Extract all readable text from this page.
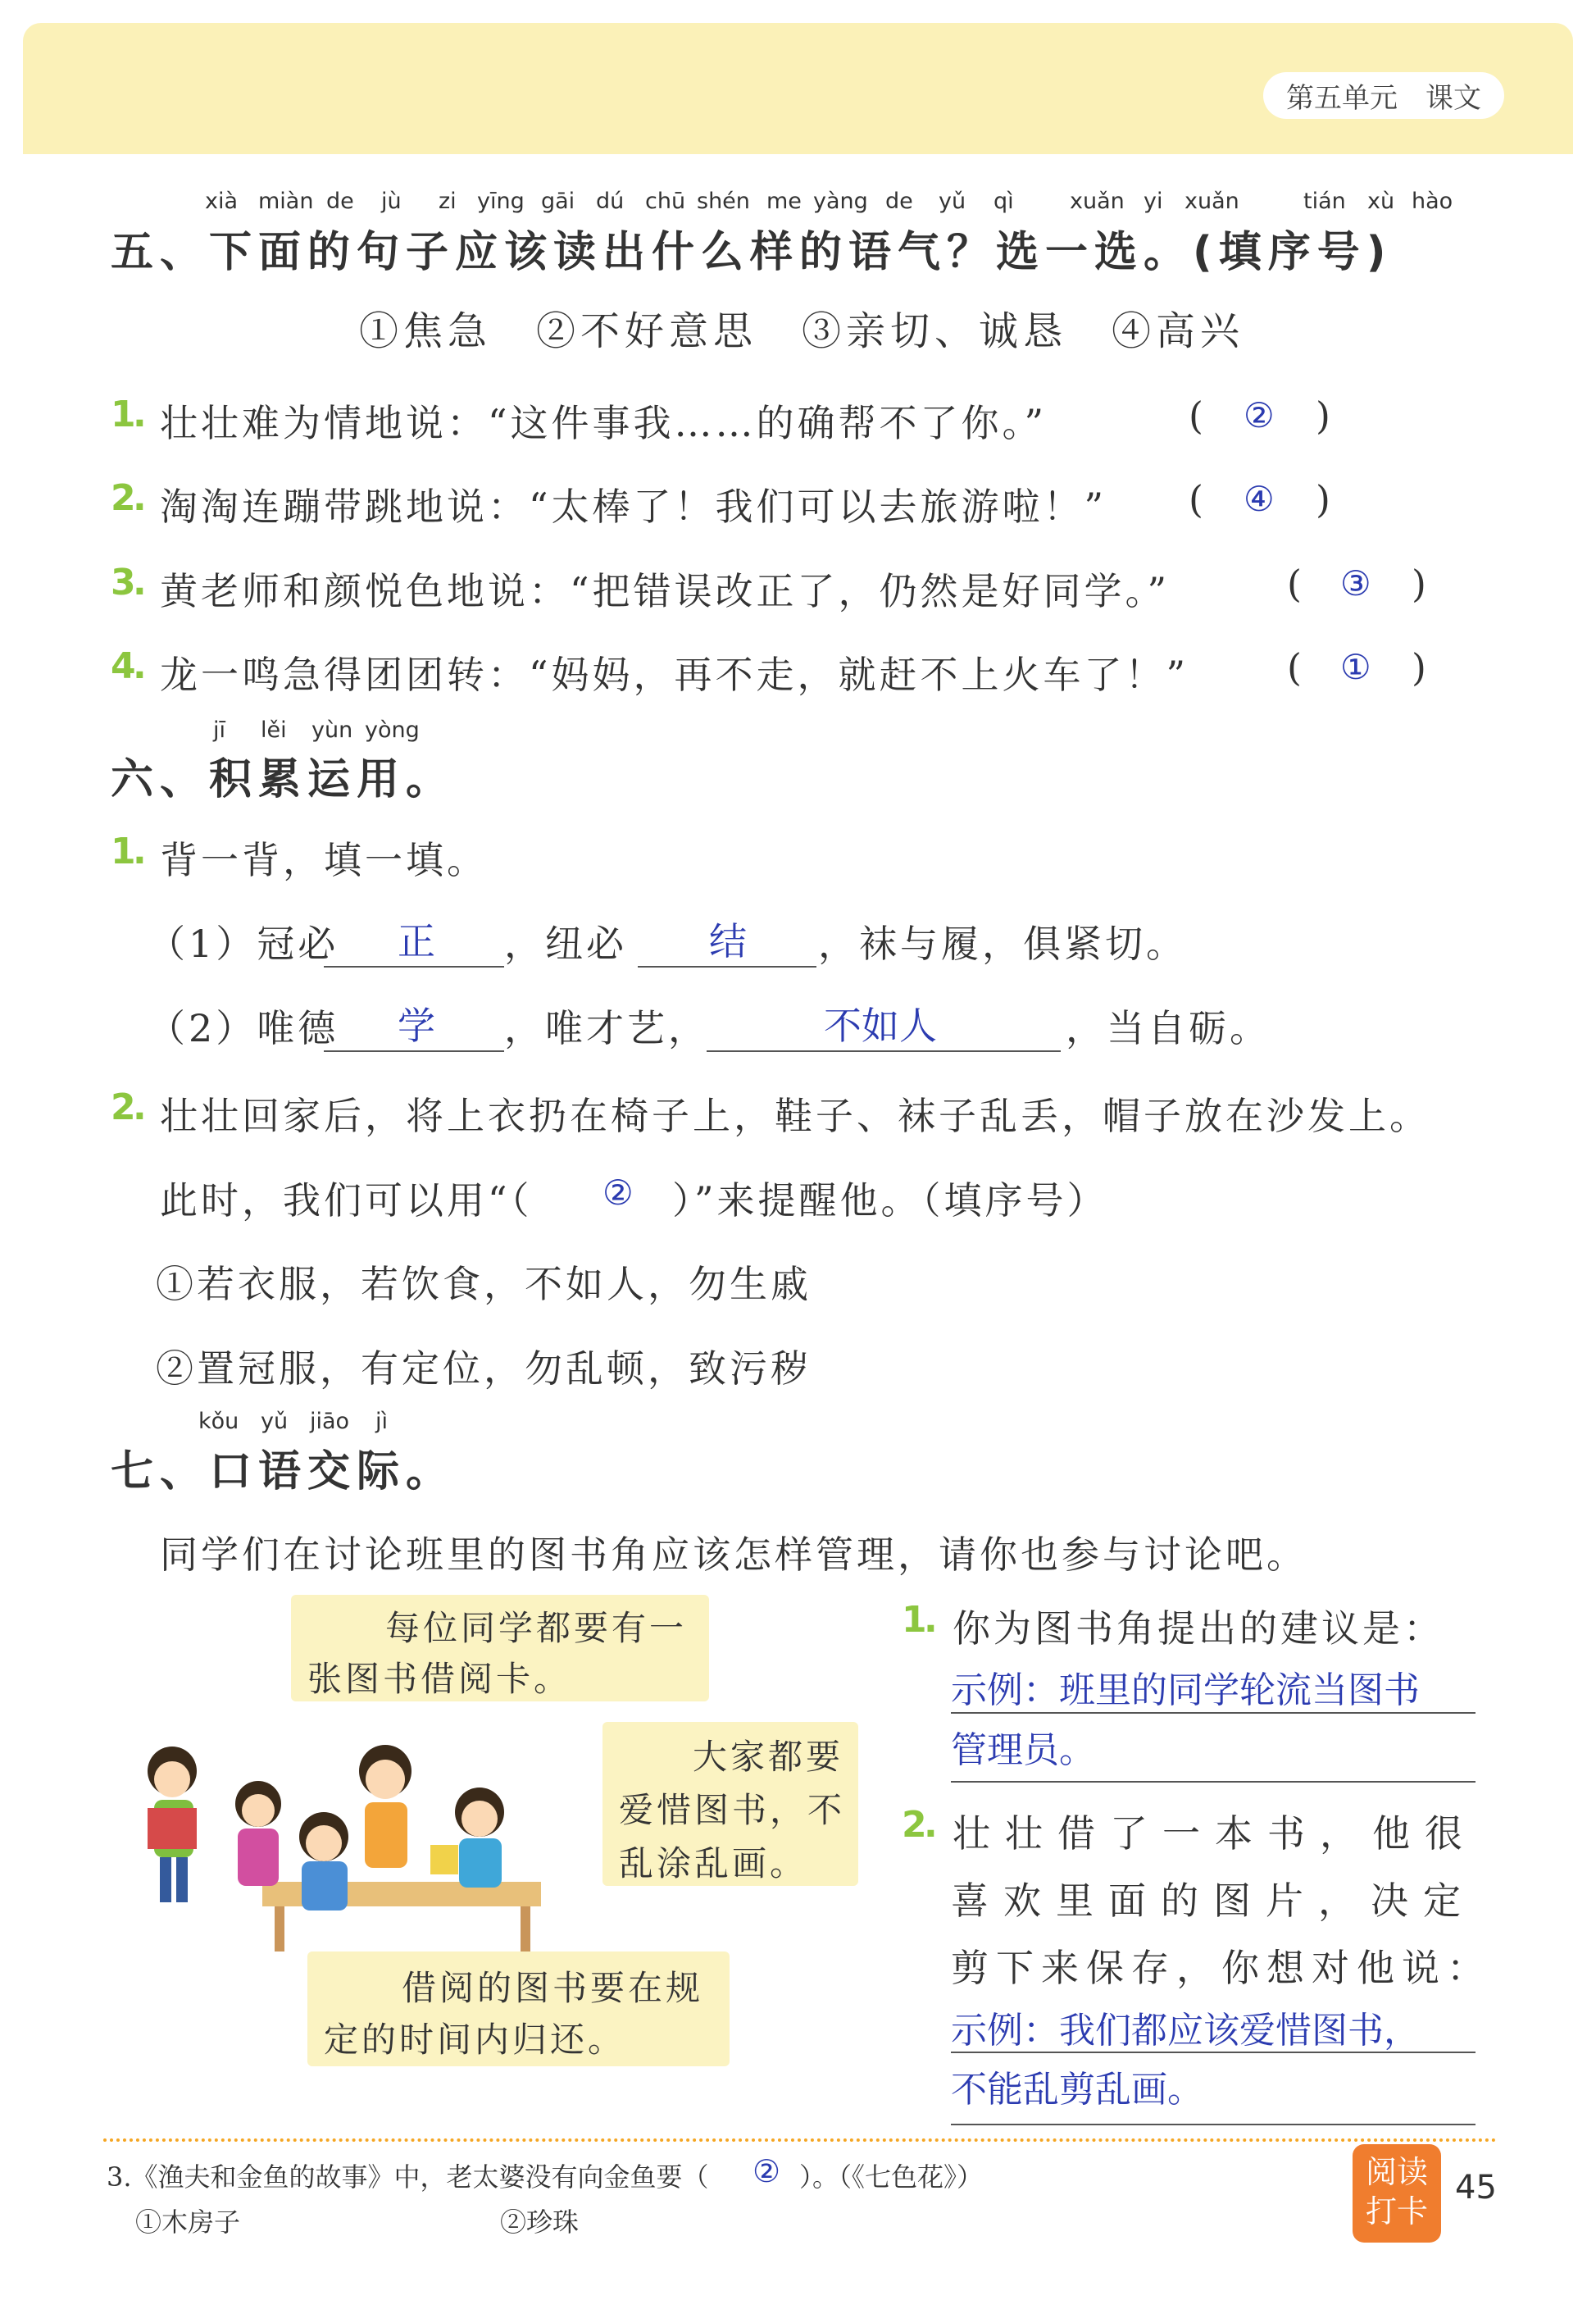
第五单元　课文
xià miàn de jù zi yīng gāi dú chū shén me yàng de yǔ qì	xuǎn yi xuǎn	tián xù hào
五、下面的句子应该读出什么样的语气？选一选。(填序号)
①焦急　②不好意思　③亲切、诚恳　④高兴
1
. 壮壮难为情地说：“这件事我……的确帮不了你。”	( ② )
2
. 淘淘连蹦带跳地说：“太棒了！我们可以去旅游啦！” ( ④ )
3
. 黄老师和颜悦色地说：“把错误改正了，仍然是好同学。”	( ③ )
4
. 龙一鸣急得团团转：“妈妈，再不走，就赶不上火车了！”	( ① )
jī lěi yùn yòng
六、积累运用。
1
. 背一背，填一填。
（1）冠必 正 ，纽必 结 ，袜与履，俱紧切。
（2）唯德 学 ，唯才艺，	不如人	，当自砺。
2
. 壮壮回家后，将上衣扔在椅子上，鞋子、袜子乱丢，帽子放在沙发上。
此时，我们可以用“（ ② ）”来提醒他。（填序号）
①若衣服，若饮食，不如人，勿生戚
②置冠服，有定位，勿乱顿，致污秽
kǒu yǔ jiāo jì
七、口语交际。
同学们在讨论班里的图书角应该怎样管理，请你也参与讨论吧。
每位同学都要有一
张图书借阅卡。
大家都要
爱惜图书，不
乱涂乱画。
借阅的图书要在规
定的时间内归还。
1
. 你为图书角提出的建议是：
示例：班里的同学轮流当图书
管理员。
2
. 壮壮借了一本书，他很
喜欢里面的图片，决定
剪下来保存，你想对他说：
示例：我们都应该爱惜图书，
不能乱剪乱画。
3.《渔夫和金鱼的故事》中，老太婆没有向金鱼要（ ② ）。（《七色花》）
①木房子	②珍珠
阅读
打卡
45
